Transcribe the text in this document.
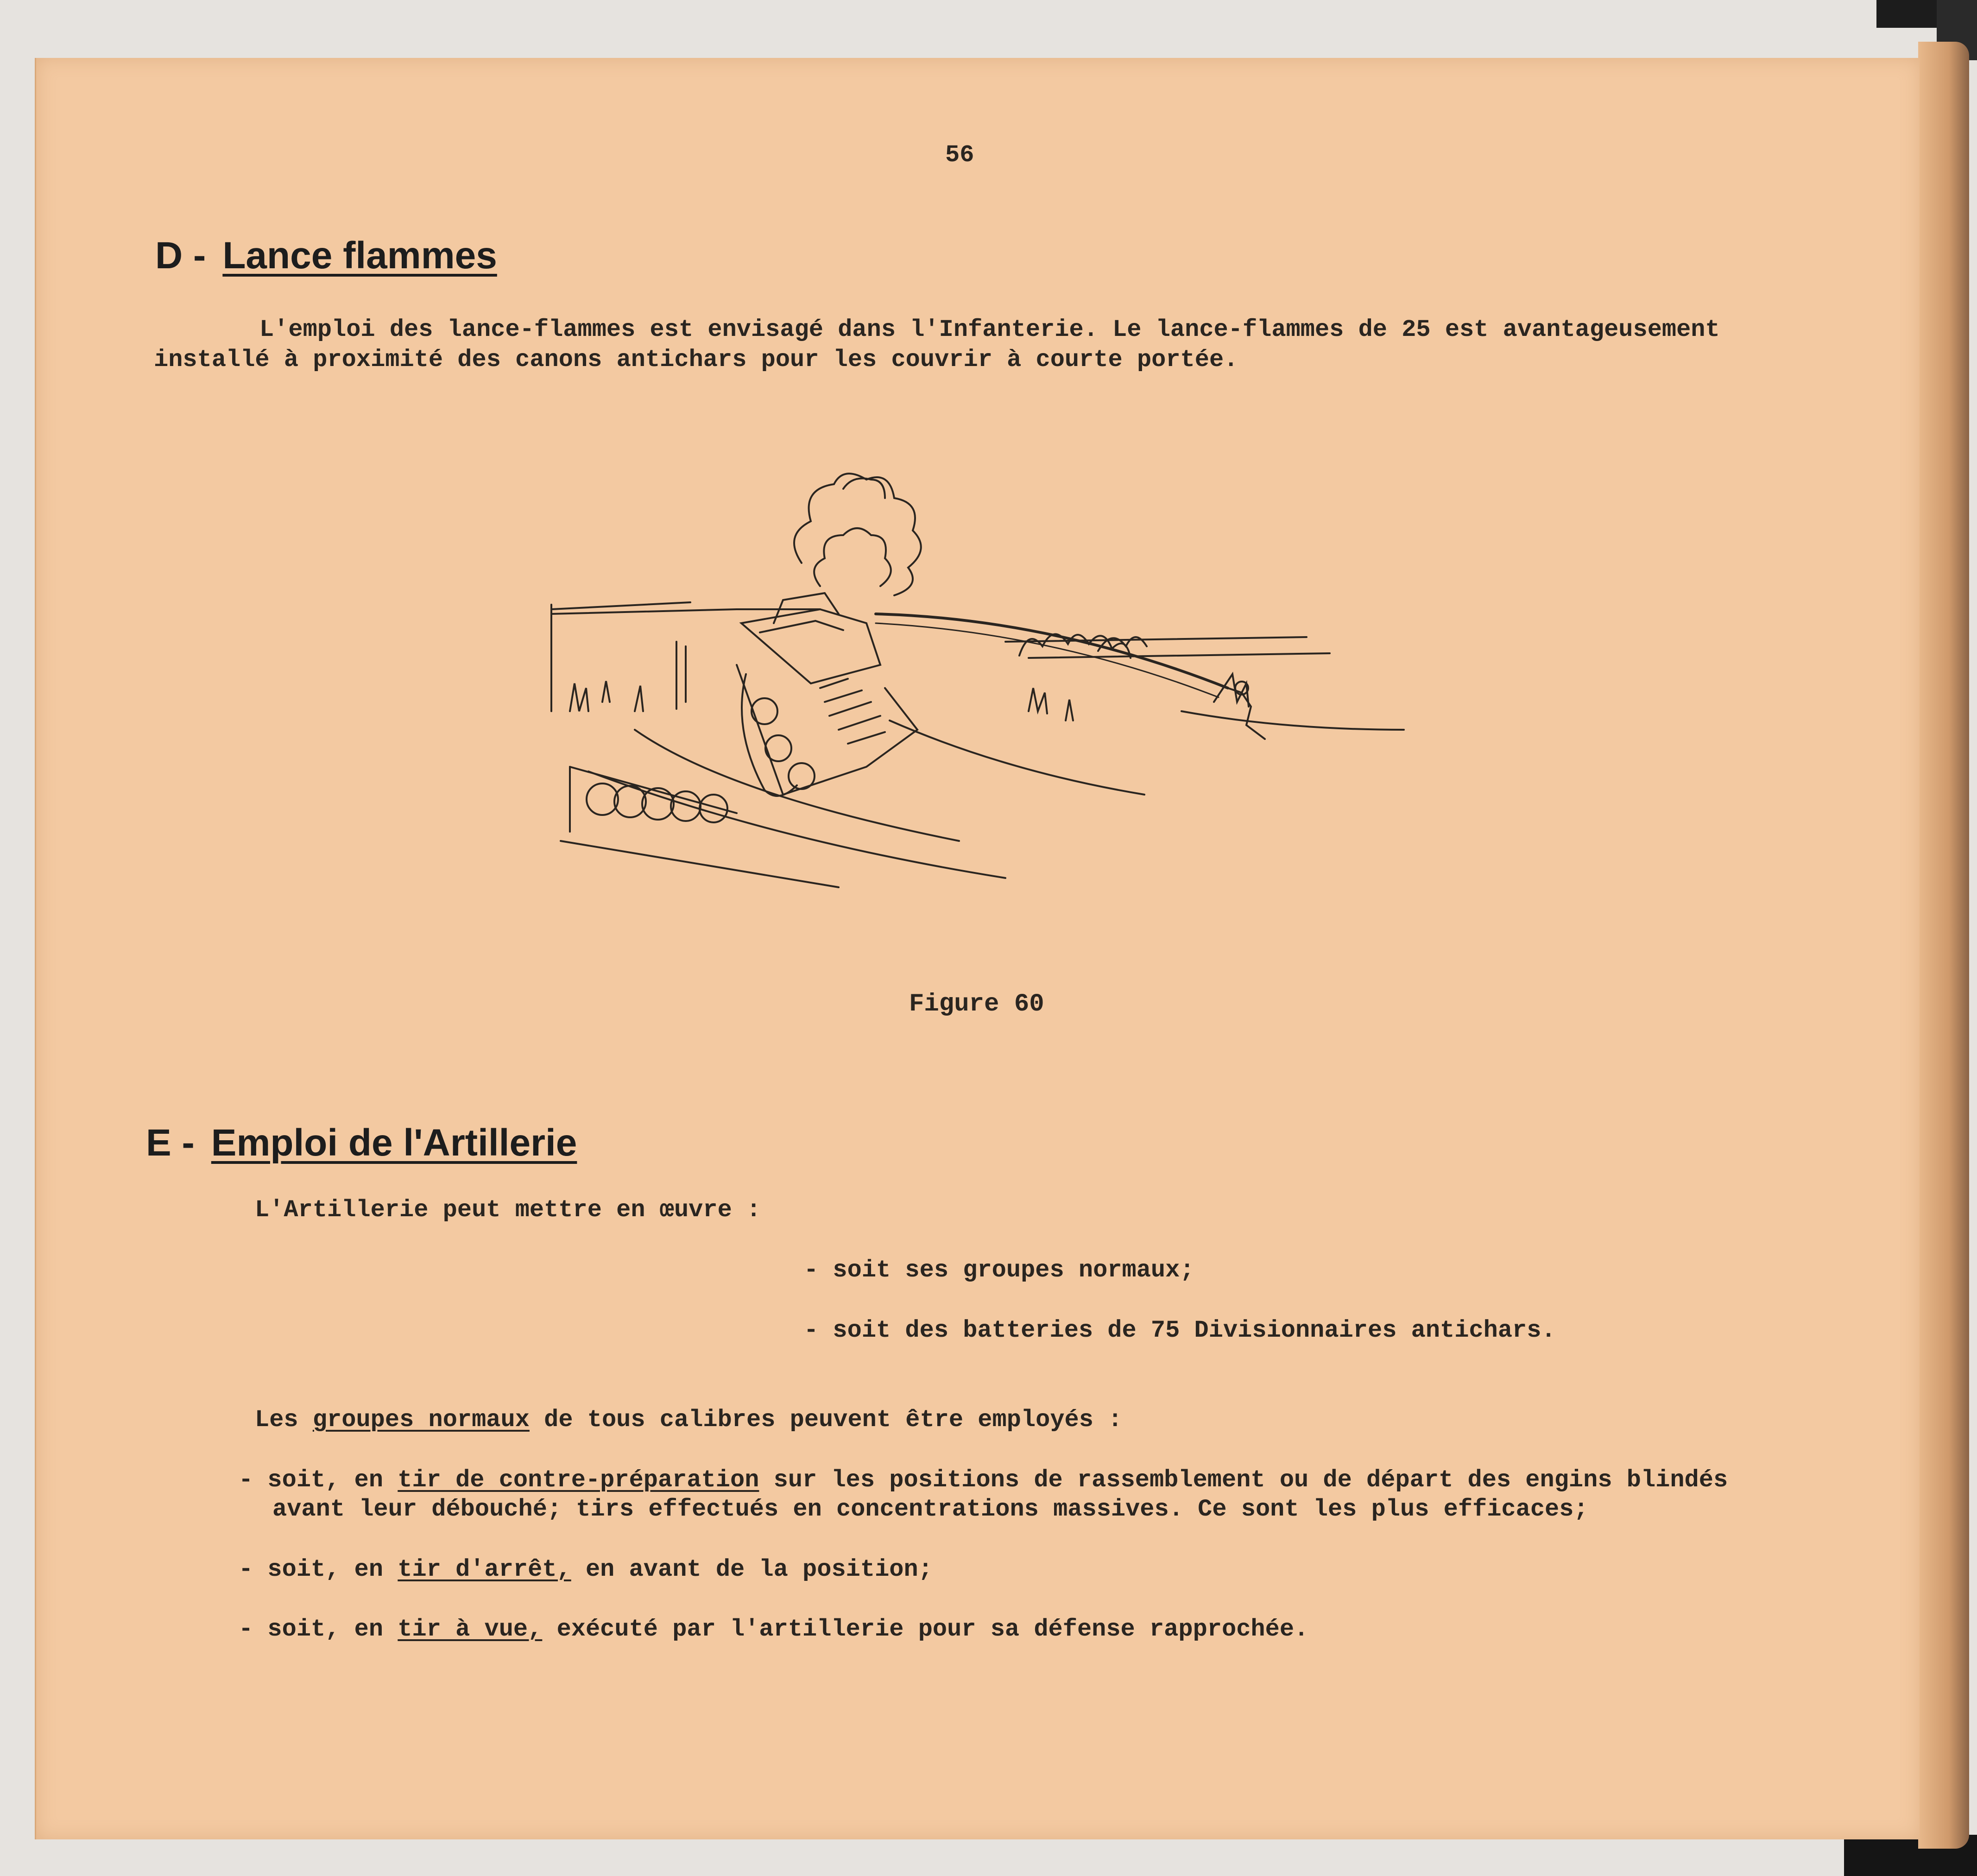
56
D - Lance flammes
L'emploi des lance-flammes est envisagé dans l'Infanterie. Le lance-flammes de 25 est avantageusement
installé à proximité des canons antichars pour les couvrir à courte portée.
Figure 60
E - Emploi de l'Artillerie
L'Artillerie peut mettre en œuvre :
- soit ses groupes normaux;
- soit des batteries de 75 Divisionnaires antichars.
Les groupes normaux de tous calibres peuvent être employés :
- soit, en tir de contre-préparation sur les positions de rassemblement ou de départ des engins blindés
avant leur débouché; tirs effectués en concentrations massives. Ce sont les plus efficaces;
- soit, en tir d'arrêt, en avant de la position;
- soit, en tir à vue, exécuté par l'artillerie pour sa défense rapprochée.
